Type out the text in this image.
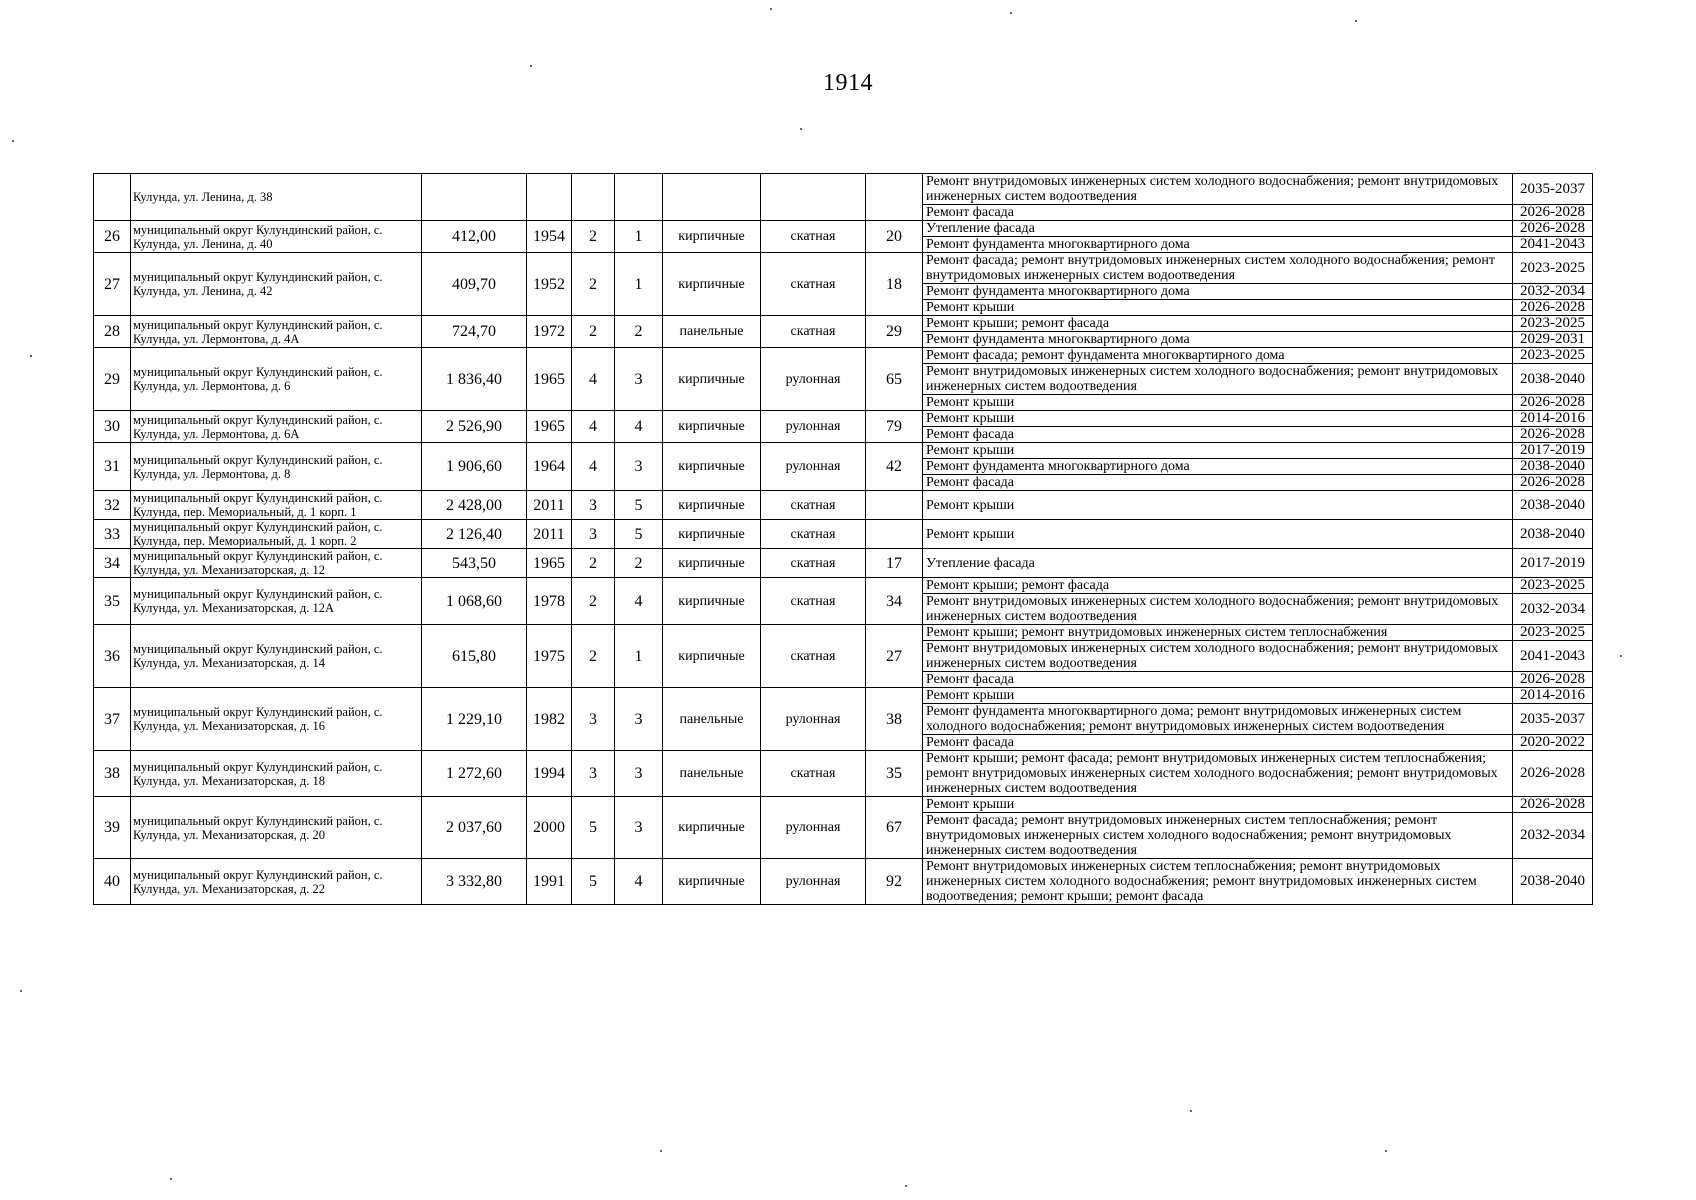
1914
	Кулунда, ул. Ленина, д. 38								Ремонт внутридомовых инженерных систем холодного водоснабжения; ремонт внутридомовых инженерных систем водоотведения	2035-2037
									Ремонт фасада	2026-2028
26	муниципальный округ Кулундинский район, с. Кулунда, ул. Ленина, д. 40	412,00	1954	2	1	кирпичные	скатная	20	Утепление фасада	2026-2028
									Ремонт фундамента многоквартирного дома	2041-2043
27	муниципальный округ Кулундинский район, с. Кулунда, ул. Ленина, д. 42	409,70	1952	2	1	кирпичные	скатная	18	Ремонт фасада; ремонт внутридомовых инженерных систем холодного водоснабжения; ремонт внутридомовых инженерных систем водоотведения	2023-2025
									Ремонт фундамента многоквартирного дома	2032-2034
									Ремонт крыши	2026-2028
28	муниципальный округ Кулундинский район, с. Кулунда, ул. Лермонтова, д. 4А	724,70	1972	2	2	панельные	скатная	29	Ремонт крыши; ремонт фасада	2023-2025
									Ремонт фундамента многоквартирного дома	2029-2031
29	муниципальный округ Кулундинский район, с. Кулунда, ул. Лермонтова, д. 6	1 836,40	1965	4	3	кирпичные	рулонная	65	Ремонт фасада; ремонт фундамента многоквартирного дома	2023-2025
									Ремонт внутридомовых инженерных систем холодного водоснабжения; ремонт внутридомовых инженерных систем водоотведения	2038-2040
									Ремонт крыши	2026-2028
30	муниципальный округ Кулундинский район, с. Кулунда, ул. Лермонтова, д. 6А	2 526,90	1965	4	4	кирпичные	рулонная	79	Ремонт крыши	2014-2016
									Ремонт фасада	2026-2028
31	муниципальный округ Кулундинский район, с. Кулунда, ул. Лермонтова, д. 8	1 906,60	1964	4	3	кирпичные	рулонная	42	Ремонт крыши	2017-2019
									Ремонт фундамента многоквартирного дома	2038-2040
									Ремонт фасада	2026-2028
32	муниципальный округ Кулундинский район, с. Кулунда, пер. Мемориальный, д. 1 корп. 1	2 428,00	2011	3	5	кирпичные	скатная		Ремонт крыши	2038-2040
33	муниципальный округ Кулундинский район, с. Кулунда, пер. Мемориальный, д. 1 корп. 2	2 126,40	2011	3	5	кирпичные	скатная		Ремонт крыши	2038-2040
34	муниципальный округ Кулундинский район, с. Кулунда, ул. Механизаторская, д. 12	543,50	1965	2	2	кирпичные	скатная	17	Утепление фасада	2017-2019
35	муниципальный округ Кулундинский район, с. Кулунда, ул. Механизаторская, д. 12А	1 068,60	1978	2	4	кирпичные	скатная	34	Ремонт крыши; ремонт фасада	2023-2025
									Ремонт внутридомовых инженерных систем холодного водоснабжения; ремонт внутридомовых инженерных систем водоотведения	2032-2034
36	муниципальный округ Кулундинский район, с. Кулунда, ул. Механизаторская, д. 14	615,80	1975	2	1	кирпичные	скатная	27	Ремонт крыши; ремонт внутридомовых инженерных систем теплоснабжения	2023-2025
									Ремонт внутридомовых инженерных систем холодного водоснабжения; ремонт внутридомовых инженерных систем водоотведения	2041-2043
									Ремонт фасада	2026-2028
37	муниципальный округ Кулундинский район, с. Кулунда, ул. Механизаторская, д. 16	1 229,10	1982	3	3	панельные	рулонная	38	Ремонт крыши	2014-2016
									Ремонт фундамента многоквартирного дома; ремонт внутридомовых инженерных систем холодного водоснабжения; ремонт внутридомовых инженерных систем водоотведения	2035-2037
									Ремонт фасада	2020-2022
38	муниципальный округ Кулундинский район, с. Кулунда, ул. Механизаторская, д. 18	1 272,60	1994	3	3	панельные	скатная	35	Ремонт крыши; ремонт фасада; ремонт внутридомовых инженерных систем теплоснабжения; ремонт внутридомовых инженерных систем холодного водоснабжения; ремонт внутридомовых инженерных систем водоотведения	2026-2028
39	муниципальный округ Кулундинский район, с. Кулунда, ул. Механизаторская, д. 20	2 037,60	2000	5	3	кирпичные	рулонная	67	Ремонт крыши	2026-2028
									Ремонт фасада; ремонт внутридомовых инженерных систем теплоснабжения; ремонт внутридомовых инженерных систем холодного водоснабжения; ремонт внутридомовых инженерных систем водоотведения	2032-2034
40	муниципальный округ Кулундинский район, с. Кулунда, ул. Механизаторская, д. 22	3 332,80	1991	5	4	кирпичные	рулонная	92	Ремонт внутридомовых инженерных систем теплоснабжения; ремонт внутридомовых инженерных систем холодного водоснабжения; ремонт внутридомовых инженерных систем водоотведения; ремонт крыши; ремонт фасада	2038-2040
